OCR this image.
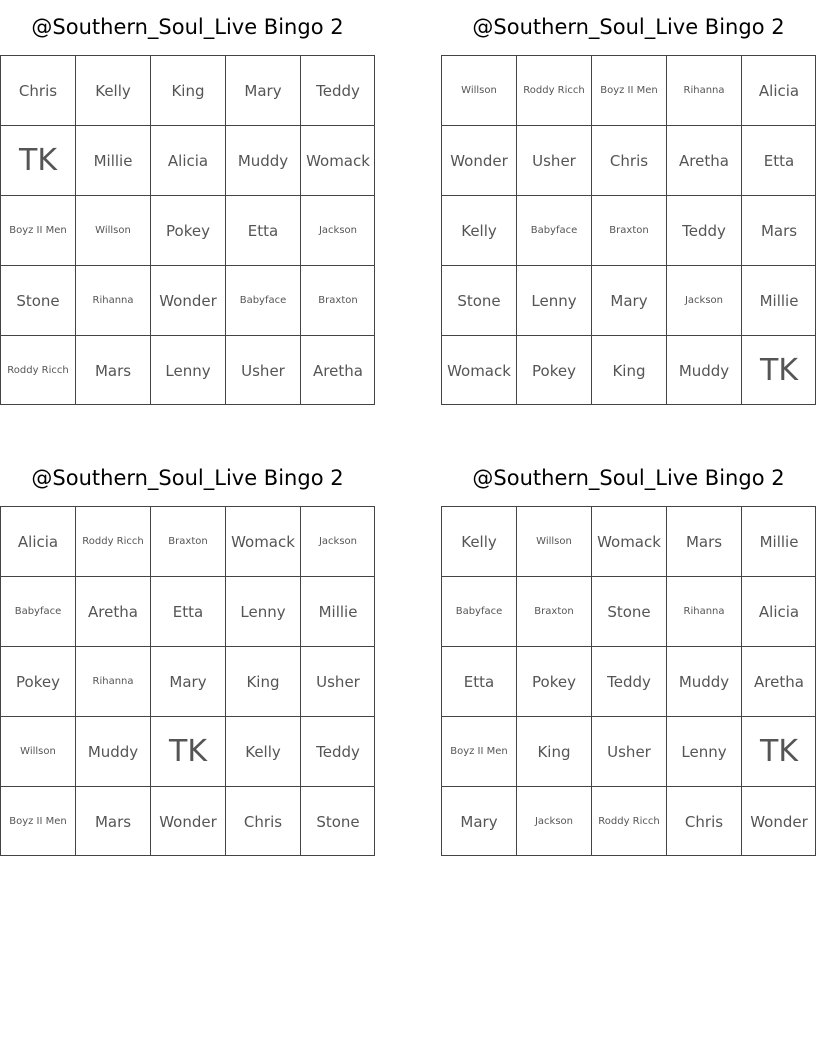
@Southern_Soul_Live Bingo 2
Chris	Kelly	King	Mary	Teddy
TK	Millie	Alicia	Muddy	Womack
Boyz II Men	Willson	Pokey	Etta	Jackson
Stone	Rihanna	Wonder	Babyface	Braxton
Roddy Ricch	Mars	Lenny	Usher	Aretha
@Southern_Soul_Live Bingo 2
Willson	Roddy Ricch	Boyz II Men	Rihanna	Alicia
Wonder	Usher	Chris	Aretha	Etta
Kelly	Babyface	Braxton	Teddy	Mars
Stone	Lenny	Mary	Jackson	Millie
Womack	Pokey	King	Muddy	TK
@Southern_Soul_Live Bingo 2
Alicia	Roddy Ricch	Braxton	Womack	Jackson
Babyface	Aretha	Etta	Lenny	Millie
Pokey	Rihanna	Mary	King	Usher
Willson	Muddy	TK	Kelly	Teddy
Boyz II Men	Mars	Wonder	Chris	Stone
@Southern_Soul_Live Bingo 2
Kelly	Willson	Womack	Mars	Millie
Babyface	Braxton	Stone	Rihanna	Alicia
Etta	Pokey	Teddy	Muddy	Aretha
Boyz II Men	King	Usher	Lenny	TK
Mary	Jackson	Roddy Ricch	Chris	Wonder
